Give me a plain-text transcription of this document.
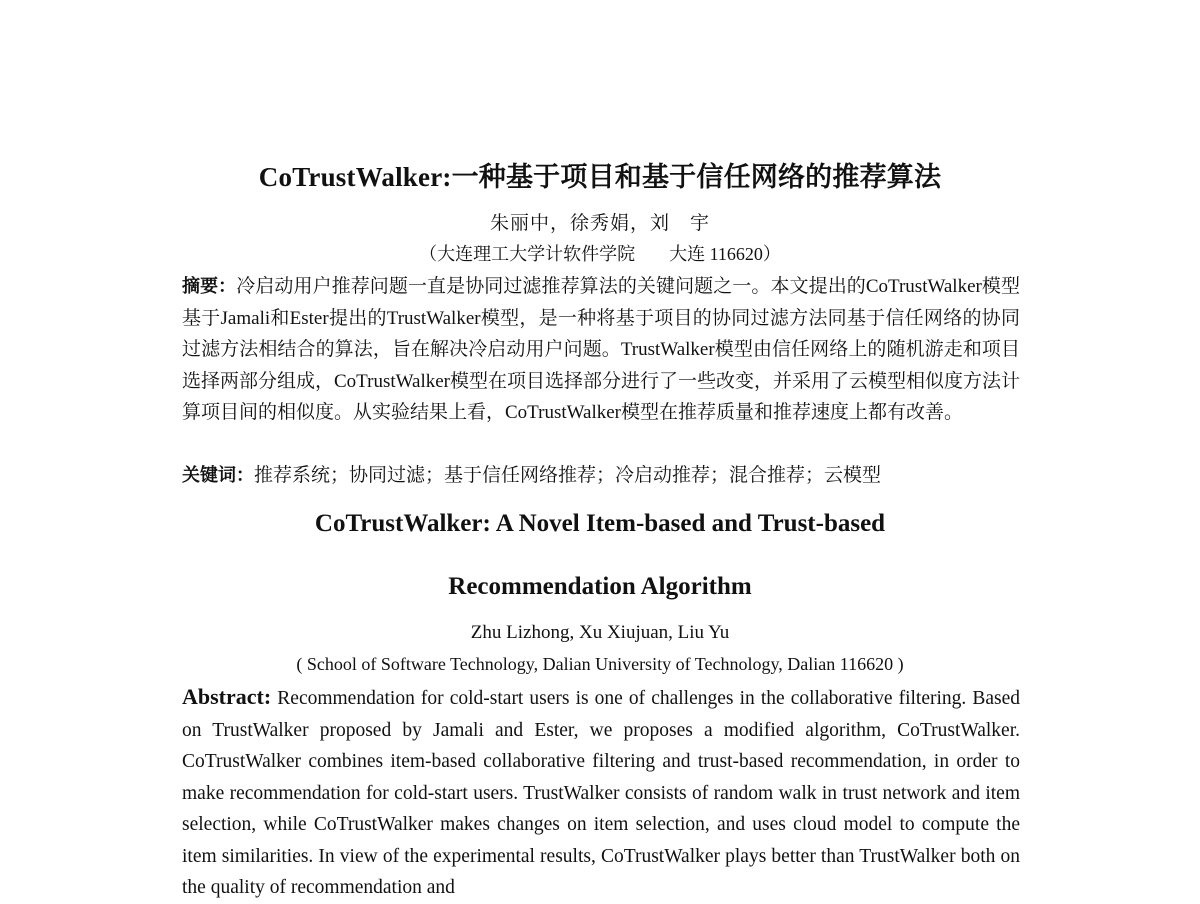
CoTrustWalker:一种基于项目和基于信任网络的推荐算法
朱丽中，徐秀娟，刘　宇
（大连理工大学计软件学院 大连 116620）
摘要：冷启动用户推荐问题一直是协同过滤推荐算法的关键问题之一。本文提出的CoTrustWalker模型基于Jamali和Ester提出的TrustWalker模型，是一种将基于项目的协同过滤方法同基于信任网络的协同过滤方法相结合的算法，旨在解决冷启动用户问题。TrustWalker模型由信任网络上的随机游走和项目选择两部分组成，CoTrustWalker模型在项目选择部分进行了一些改变，并采用了云模型相似度方法计算项目间的相似度。从实验结果上看，CoTrustWalker模型在推荐质量和推荐速度上都有改善。
关键词：推荐系统；协同过滤；基于信任网络推荐；冷启动推荐；混合推荐；云模型
CoTrustWalker: A Novel Item-based and Trust-based
Recommendation Algorithm
Zhu Lizhong, Xu Xiujuan, Liu Yu
( School of Software Technology, Dalian University of Technology, Dalian 116620 )
Abstract: Recommendation for cold-start users is one of challenges in the collaborative filtering. Based on TrustWalker proposed by Jamali and Ester, we proposes a modified algorithm, CoTrustWalker. CoTrustWalker combines item-based collaborative filtering and trust-based recommendation, in order to make recommendation for cold-start users. TrustWalker consists of random walk in trust network and item selection, while CoTrustWalker makes changes on item selection, and uses cloud model to compute the item similarities. In view of the experimental results, CoTrustWalker plays better than TrustWalker both on the quality of recommendation and
